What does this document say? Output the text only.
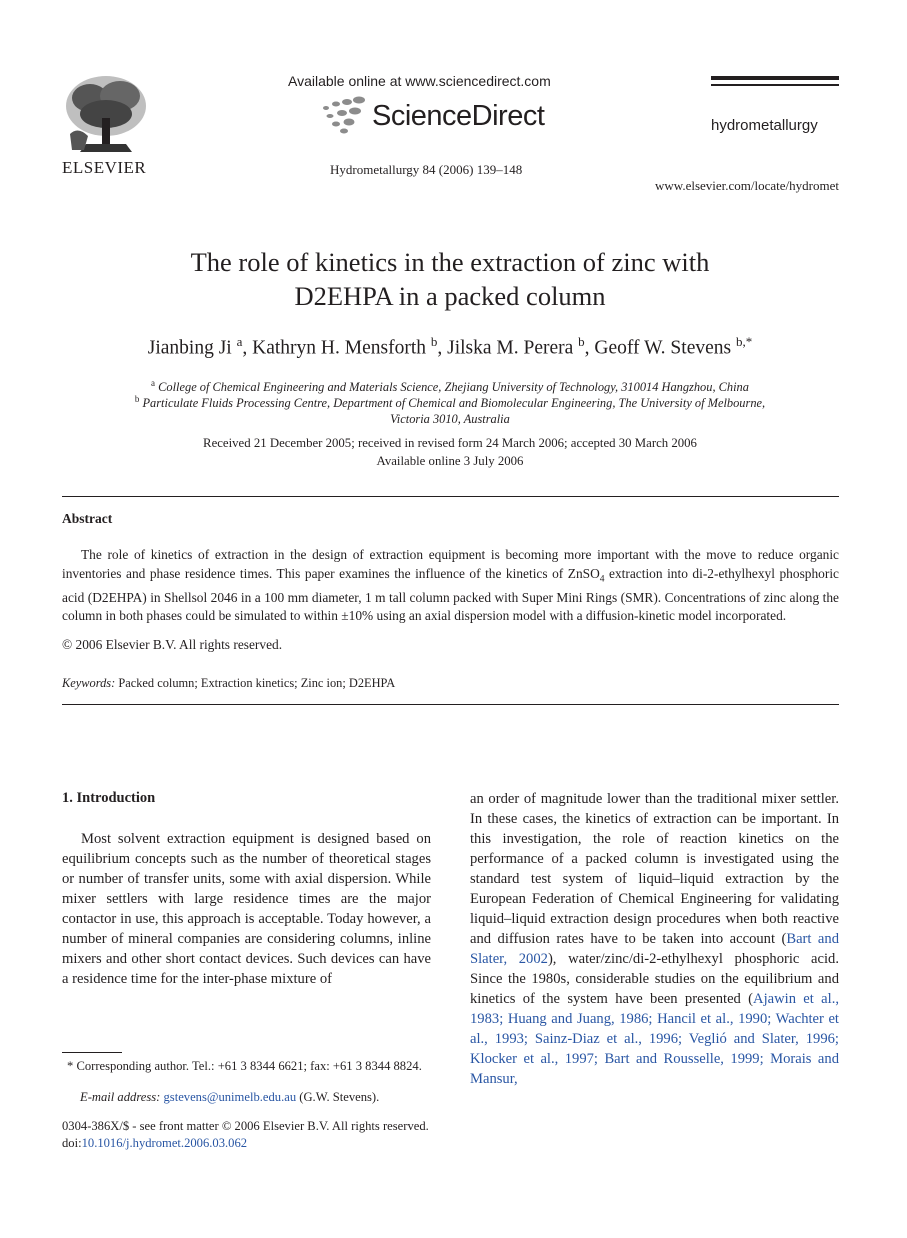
ELSEVIER
Available online at www.sciencedirect.com
ScienceDirect
Hydrometallurgy 84 (2006) 139–148
hydrometallurgy
www.elsevier.com/locate/hydromet
The role of kinetics in the extraction of zinc with
D2EHPA in a packed column
Jianbing Ji $^a$, Kathryn H. Mensforth $^b$, Jilska M. Perera $^b$, Geoff W. Stevens $^{b,*}$
$^a$ College of Chemical Engineering and Materials Science, Zhejiang University of Technology, 310014 Hangzhou, China
$^b$ Particulate Fluids Processing Centre, Department of Chemical and Biomolecular Engineering, The University of Melbourne,
Victoria 3010, Australia
Received 21 December 2005; received in revised form 24 March 2006; accepted 30 March 2006
Available online 3 July 2006
Abstract
The role of kinetics of extraction in the design of extraction equipment is becoming more important with the move to reduce organic inventories and phase residence times. This paper examines the influence of the kinetics of ZnSO$_4$ extraction into di-2-ethylhexyl phosphoric acid (D2EHPA) in Shellsol 2046 in a 100 mm diameter, 1 m tall column packed with Super Mini Rings (SMR). Concentrations of zinc along the column in both phases could be simulated to within ±10% using an axial dispersion model with a diffusion-kinetic model incorporated.
© 2006 Elsevier B.V. All rights reserved.
Keywords: Packed column; Extraction kinetics; Zinc ion; D2EHPA
1. Introduction
Most solvent extraction equipment is designed based on equilibrium concepts such as the number of theoretical stages or number of transfer units, some with axial dispersion. While mixer settlers with large residence times are the major contactor in use, this approach is acceptable. Today however, a number of mineral companies are considering columns, inline mixers and other short contact devices. Such devices can have a residence time for the inter-phase mixture of
an order of magnitude lower than the traditional mixer settler. In these cases, the kinetics of extraction can be important. In this investigation, the role of reaction kinetics on the performance of a packed column is investigated using the standard test system of liquid–liquid extraction by the European Federation of Chemical Engineering for validating liquid–liquid extraction design procedures when both reactive and diffusion rates have to be taken into account (Bart and Slater, 2002), water/zinc/di-2-ethylhexyl phosphoric acid. Since the 1980s, considerable studies on the equilibrium and kinetics of the system have been presented (Ajawin et al., 1983; Huang and Juang, 1986; Hancil et al., 1990; Wachter et al., 1993; Sainz-Diaz et al., 1996; Veglió and Slater, 1996; Klocker et al., 1997; Bart and Rousselle, 1999; Morais and Mansur,
* Corresponding author. Tel.: +61 3 8344 6621; fax: +61 3 8344 8824.
E-mail address: gstevens@unimelb.edu.au (G.W. Stevens).
0304-386X/$ - see front matter © 2006 Elsevier B.V. All rights reserved.
doi:10.1016/j.hydromet.2006.03.062
